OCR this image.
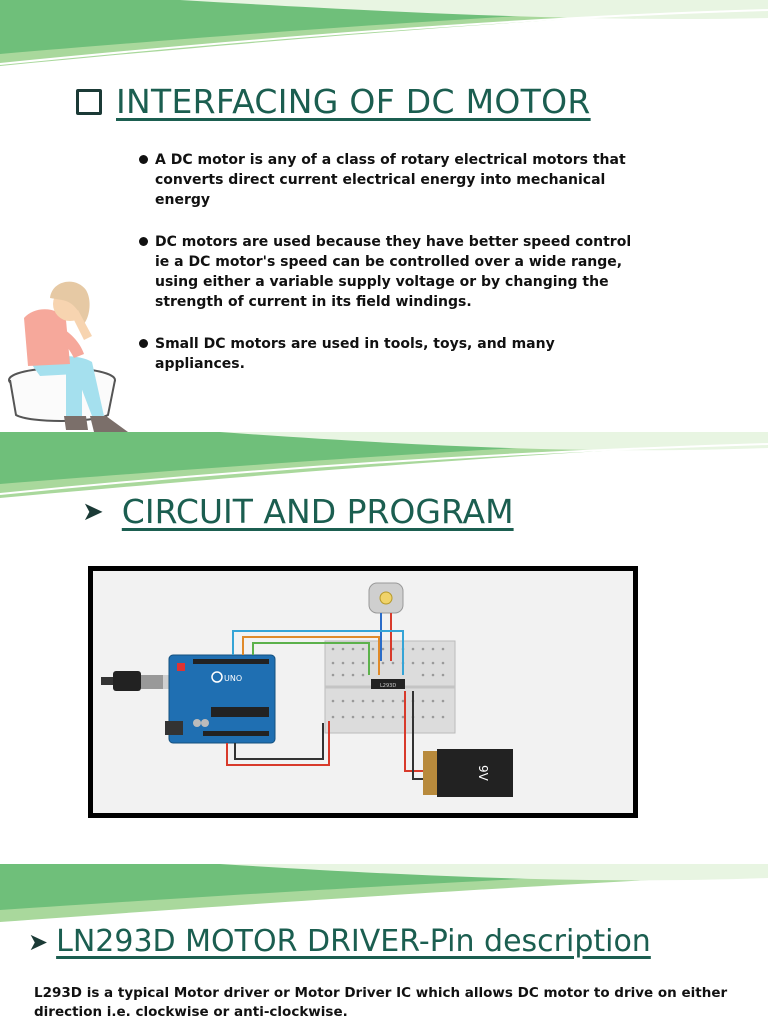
INTERFACING OF DC MOTOR
A DC motor is any of a class of rotary electrical motors that converts direct current electrical energy into mechanical energy
DC motors are used because they have better speed control ie a DC motor's speed can be controlled over a wide range, using either a variable supply voltage or by changing the strength of current in its field windings.
Small DC motors are used in tools, toys, and many appliances.
➤ CIRCUIT AND PROGRAM
UNO
L293D
9V
➤ LN293D MOTOR DRIVER-Pin description
L293D is a typical Motor driver or Motor Driver IC which allows DC motor to drive on either direction i.e. clockwise or anti-clockwise.
